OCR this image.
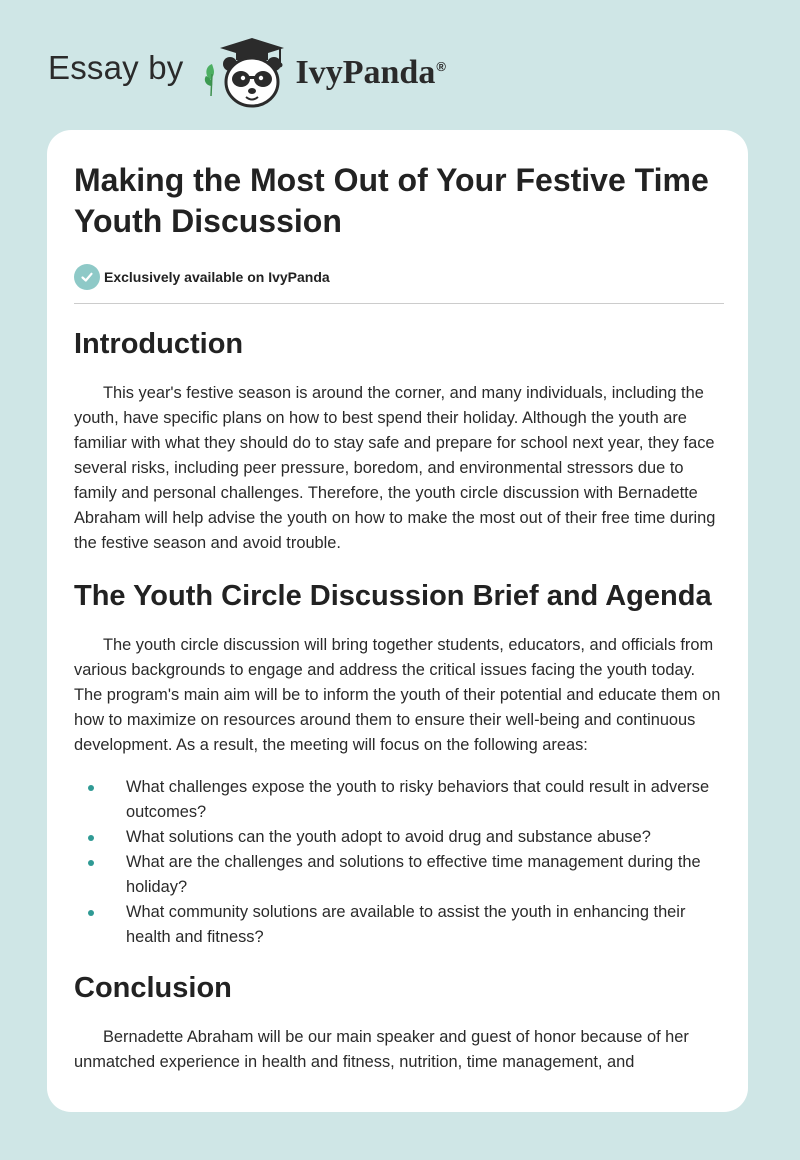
Essay by	IvyPanda®
Making the Most Out of Your Festive Time Youth Discussion
Exclusively available on IvyPanda
Introduction

This year's festive season is around the corner, and many individuals, including the youth, have specific plans on how to best spend their holiday. Although the youth are familiar with what they should do to stay safe and prepare for school next year, they face several risks, including peer pressure, boredom, and environmental stressors due to family and personal challenges. Therefore, the youth circle discussion with Bernadette Abraham will help advise the youth on how to make the most out of their free time during the festive season and avoid trouble.

The Youth Circle Discussion Brief and Agenda

The youth circle discussion will bring together students, educators, and officials from various backgrounds to engage and address the critical issues facing the youth today. The program's main aim will be to inform the youth of their potential and educate them on how to maximize on resources around them to ensure their well-being and continuous development. As a result, the meeting will focus on the following areas:

What challenges expose the youth to risky behaviors that could result in adverse outcomes?
What solutions can the youth adopt to avoid drug and substance abuse?
What are the challenges and solutions to effective time management during the holiday?
What community solutions are available to assist the youth in enhancing their health and fitness?
Conclusion

Bernadette Abraham will be our main speaker and guest of honor because of her unmatched experience in health and fitness, nutrition, time management, and
